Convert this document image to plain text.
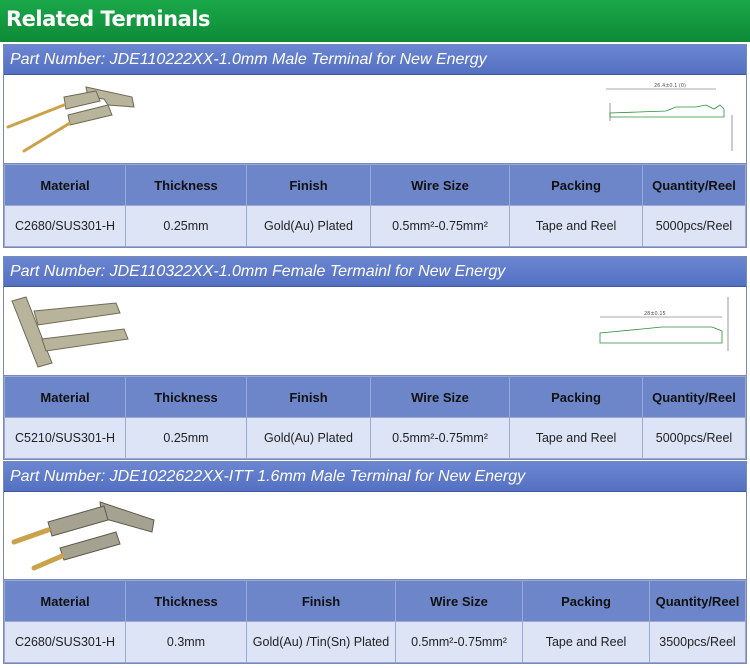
Related Terminals
Part Number: JDE110222XX-1.0mm Male Terminal for New Energy
26.4±0.1 (0)
Material	Thickness	Finish	Wire Size	Packing	Quantity/Reel
C2680/SUS301-H	0.25mm	Gold(Au) Plated	0.5mm²-0.75mm²	Tape and Reel	5000pcs/Reel
Part Number: JDE110322XX-1.0mm Female Termainl for New Energy
28±0.15
Material	Thickness	Finish	Wire Size	Packing	Quantity/Reel
C5210/SUS301-H	0.25mm	Gold(Au) Plated	0.5mm²-0.75mm²	Tape and Reel	5000pcs/Reel
Part Number: JDE1022622XX-ITT 1.6mm Male Terminal for New Energy
Material	Thickness	Finish	Wire Size	Packing	Quantity/Reel
C2680/SUS301-H	0.3mm	Gold(Au) /Tin(Sn) Plated	0.5mm²-0.75mm²	Tape and Reel	3500pcs/Reel
